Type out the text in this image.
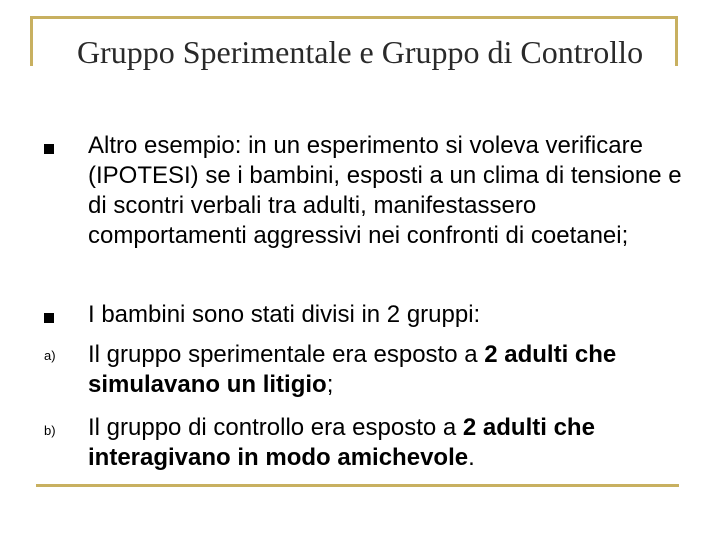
Gruppo Sperimentale e Gruppo di Controllo
Altro esempio: in un esperimento si voleva verificare (IPOTESI) se i bambini, esposti a un clima di tensione e di scontri verbali tra adulti, manifestassero comportamenti aggressivi nei confronti di coetanei;
I bambini sono stati divisi in 2 gruppi:
a) Il gruppo sperimentale era esposto a 2 adulti che simulavano un litigio;
b) Il gruppo di controllo era esposto a 2 adulti che interagivano in modo amichevole.
